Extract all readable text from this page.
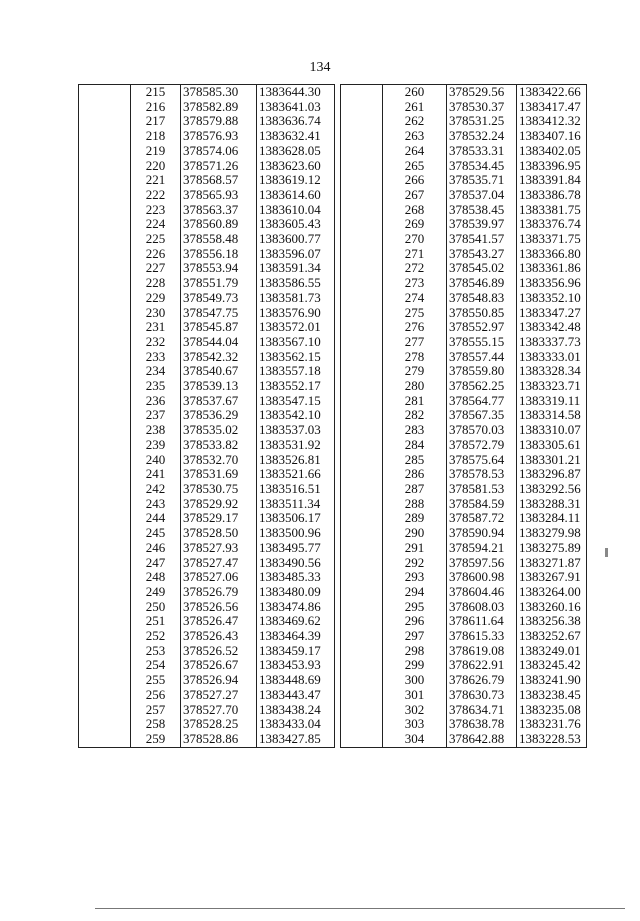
134
	215	378585.30	1383644.30
	216	378582.89	1383641.03
	217	378579.88	1383636.74
	218	378576.93	1383632.41
	219	378574.06	1383628.05
	220	378571.26	1383623.60
	221	378568.57	1383619.12
	222	378565.93	1383614.60
	223	378563.37	1383610.04
	224	378560.89	1383605.43
	225	378558.48	1383600.77
	226	378556.18	1383596.07
	227	378553.94	1383591.34
	228	378551.79	1383586.55
	229	378549.73	1383581.73
	230	378547.75	1383576.90
	231	378545.87	1383572.01
	232	378544.04	1383567.10
	233	378542.32	1383562.15
	234	378540.67	1383557.18
	235	378539.13	1383552.17
	236	378537.67	1383547.15
	237	378536.29	1383542.10
	238	378535.02	1383537.03
	239	378533.82	1383531.92
	240	378532.70	1383526.81
	241	378531.69	1383521.66
	242	378530.75	1383516.51
	243	378529.92	1383511.34
	244	378529.17	1383506.17
	245	378528.50	1383500.96
	246	378527.93	1383495.77
	247	378527.47	1383490.56
	248	378527.06	1383485.33
	249	378526.79	1383480.09
	250	378526.56	1383474.86
	251	378526.47	1383469.62
	252	378526.43	1383464.39
	253	378526.52	1383459.17
	254	378526.67	1383453.93
	255	378526.94	1383448.69
	256	378527.27	1383443.47
	257	378527.70	1383438.24
	258	378528.25	1383433.04
	259	378528.86	1383427.85
	260	378529.56	1383422.66
	261	378530.37	1383417.47
	262	378531.25	1383412.32
	263	378532.24	1383407.16
	264	378533.31	1383402.05
	265	378534.45	1383396.95
	266	378535.71	1383391.84
	267	378537.04	1383386.78
	268	378538.45	1383381.75
	269	378539.97	1383376.74
	270	378541.57	1383371.75
	271	378543.27	1383366.80
	272	378545.02	1383361.86
	273	378546.89	1383356.96
	274	378548.83	1383352.10
	275	378550.85	1383347.27
	276	378552.97	1383342.48
	277	378555.15	1383337.73
	278	378557.44	1383333.01
	279	378559.80	1383328.34
	280	378562.25	1383323.71
	281	378564.77	1383319.11
	282	378567.35	1383314.58
	283	378570.03	1383310.07
	284	378572.79	1383305.61
	285	378575.64	1383301.21
	286	378578.53	1383296.87
	287	378581.53	1383292.56
	288	378584.59	1383288.31
	289	378587.72	1383284.11
	290	378590.94	1383279.98
	291	378594.21	1383275.89
	292	378597.56	1383271.87
	293	378600.98	1383267.91
	294	378604.46	1383264.00
	295	378608.03	1383260.16
	296	378611.64	1383256.38
	297	378615.33	1383252.67
	298	378619.08	1383249.01
	299	378622.91	1383245.42
	300	378626.79	1383241.90
	301	378630.73	1383238.45
	302	378634.71	1383235.08
	303	378638.78	1383231.76
	304	378642.88	1383228.53
